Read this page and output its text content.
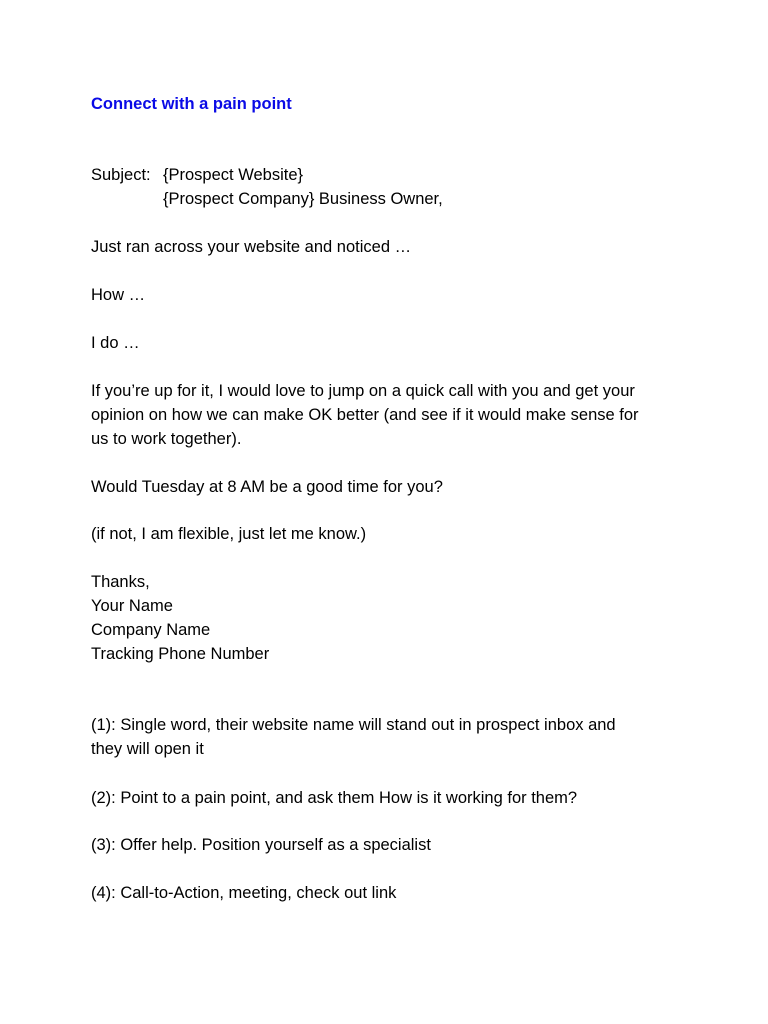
Connect with a pain point
Subject: {Prospect Website}
{Prospect Company} Business Owner,
Just ran across your website and noticed …
How …
I do …
If you’re up for it, I would love to jump on a quick call with you and get your
opinion on how we can make OK better (and see if it would make sense for
us to work together).
Would Tuesday at 8 AM be a good time for you?
(if not, I am flexible, just let me know.)
Thanks,
Your Name
Company Name
Tracking Phone Number
(1): Single word, their website name will stand out in prospect inbox and
they will open it
(2): Point to a pain point, and ask them How is it working for them?
(3): Offer help. Position yourself as a specialist
(4): Call-to-Action, meeting, check out link
